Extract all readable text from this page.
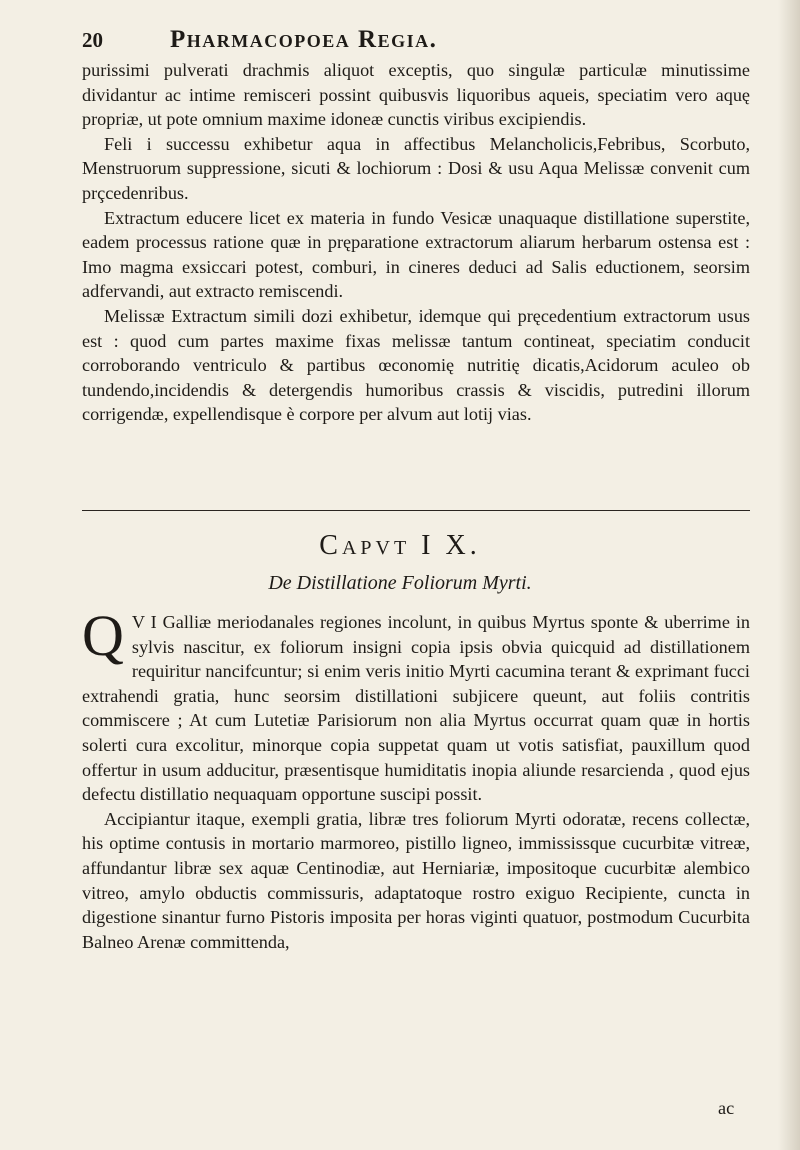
20	Pharmacopoea Regia.

purissimi pulverati drachmis aliquot exceptis, quo singulæ particulæ minutissime dividantur ac intime remisceri possint quibusvis liquoribus aqueis, speciatim vero aquę propriæ, ut pote omnium maxime idoneæ cunctis viribus excipiendis.

Feli i successu exhibetur aqua in affectibus Melancholicis,Febribus, Scorbuto, Menstruorum suppressione, sicuti & lochiorum : Dosi & usu Aqua Melissæ convenit cum prçcedenribus.

Extractum educere licet ex materia in fundo Vesicæ unaquaque distillatione superstite, eadem processus ratione quæ in pręparatione extractorum aliarum herbarum ostensa est : Imo magma exsiccari potest, comburi, in cineres deduci ad Salis eductionem, seorsim adfervandi, aut extracto remiscendi.

Melissæ Extractum simili dozi exhibetur, idemque qui pręcedentium extractorum usus est : quod cum partes maxime fixas melissæ tantum contineat, speciatim conducit corroborando ventriculo & partibus œconomię nutritię dicatis,Acidorum aculeo ob tundendo,incidendis & detergendis humoribus crassis & viscidis, putredini illorum corrigendæ, expellendisque è corpore per alvum aut lotij vias.

Capvt I X.
De Distillatione Foliorum Myrti.

Q V I Galliæ meriodanales regiones incolunt, in quibus Myrtus sponte & uberrime in sylvis nascitur, ex foliorum insigni copia ipsis obvia quicquid ad distillationem requiritur nancifcuntur; si enim veris initio Myrti cacumina terant & exprimant fucci extrahendi gratia, hunc seorsim distillationi subjicere queunt, aut foliis contritis commiscere ; At cum Lutetiæ Parisiorum non alia Myrtus occurrat quam quæ in hortis solerti cura excolitur, minorque copia suppetat quam ut votis satisfiat, pauxillum quod offertur in usum adducitur, præsentisque humiditatis inopia aliunde resarcienda , quod ejus defectu distillatio nequaquam opportune suscipi possit.

Accipiantur itaque, exempli gratia, libræ tres foliorum Myrti odoratæ, recens collectæ, his optime contusis in mortario marmoreo, pistillo ligneo, immississque cucurbitæ vitreæ, affundantur libræ sex aquæ Centinodiæ, aut Herniariæ, impositoque cucurbitæ alembico vitreo, amylo obductis commissuris, adaptatoque rostro exiguo Recipiente, cuncta in digestione sinantur furno Pistoris imposita per horas viginti quatuor, postmodum Cucurbita Balneo Arenæ committenda,

ac
